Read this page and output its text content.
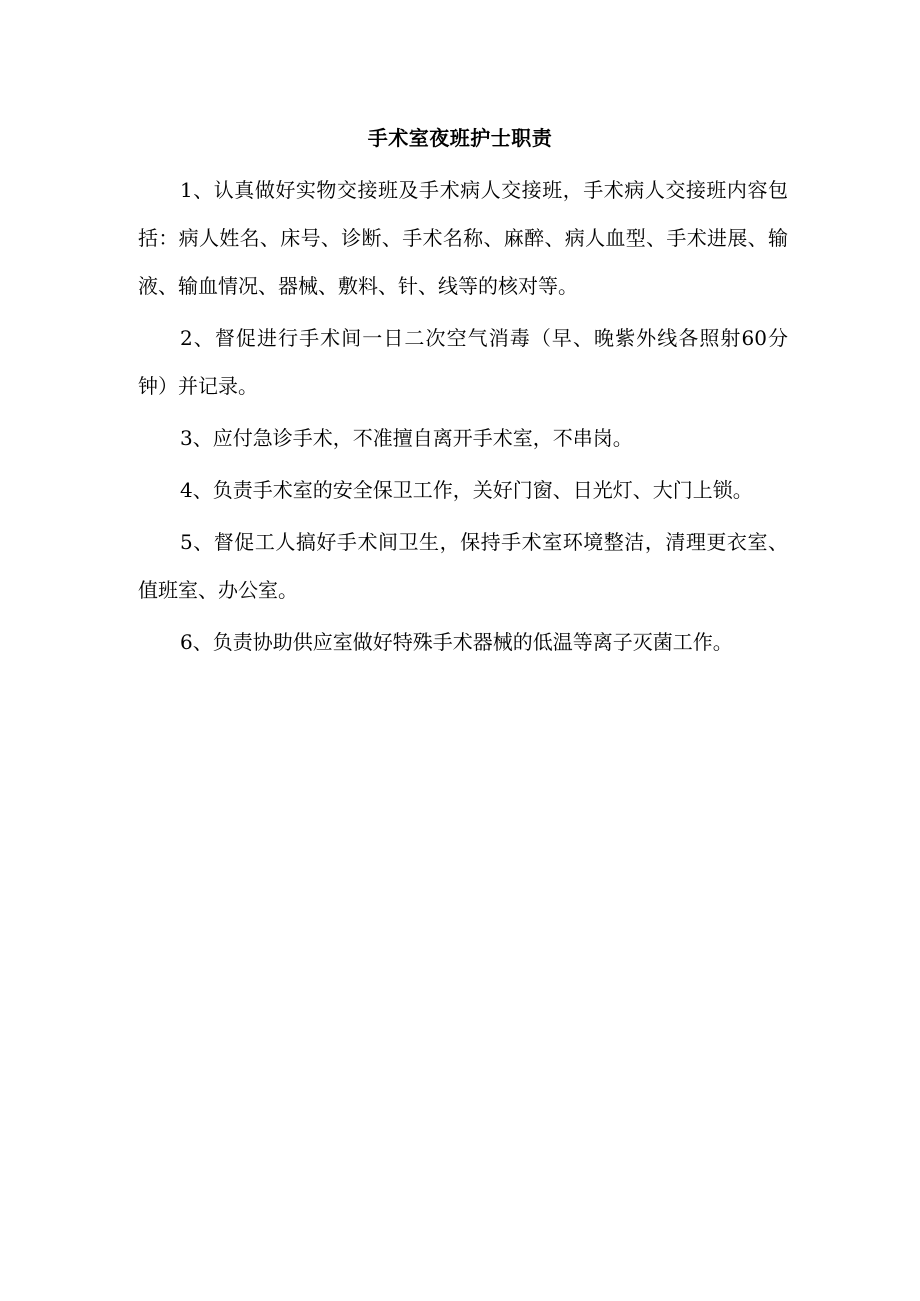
手术室夜班护士职责

1、认真做好实物交接班及手术病人交接班，手术病人交接班内容包括：病人姓名、床号、诊断、手术名称、麻醉、病人血型、手术进展、输液、输血情况、器械、敷料、针、线等的核对等。

2、督促进行手术间一日二次空气消毒（早、晚紫外线各照射60分钟）并记录。

3、应付急诊手术，不准擅自离开手术室，不串岗。

4、负责手术室的安全保卫工作，关好门窗、日光灯、大门上锁。

5、督促工人搞好手术间卫生，保持手术室环境整洁，清理更衣室、值班室、办公室。

6、负责协助供应室做好特殊手术器械的低温等离子灭菌工作。
